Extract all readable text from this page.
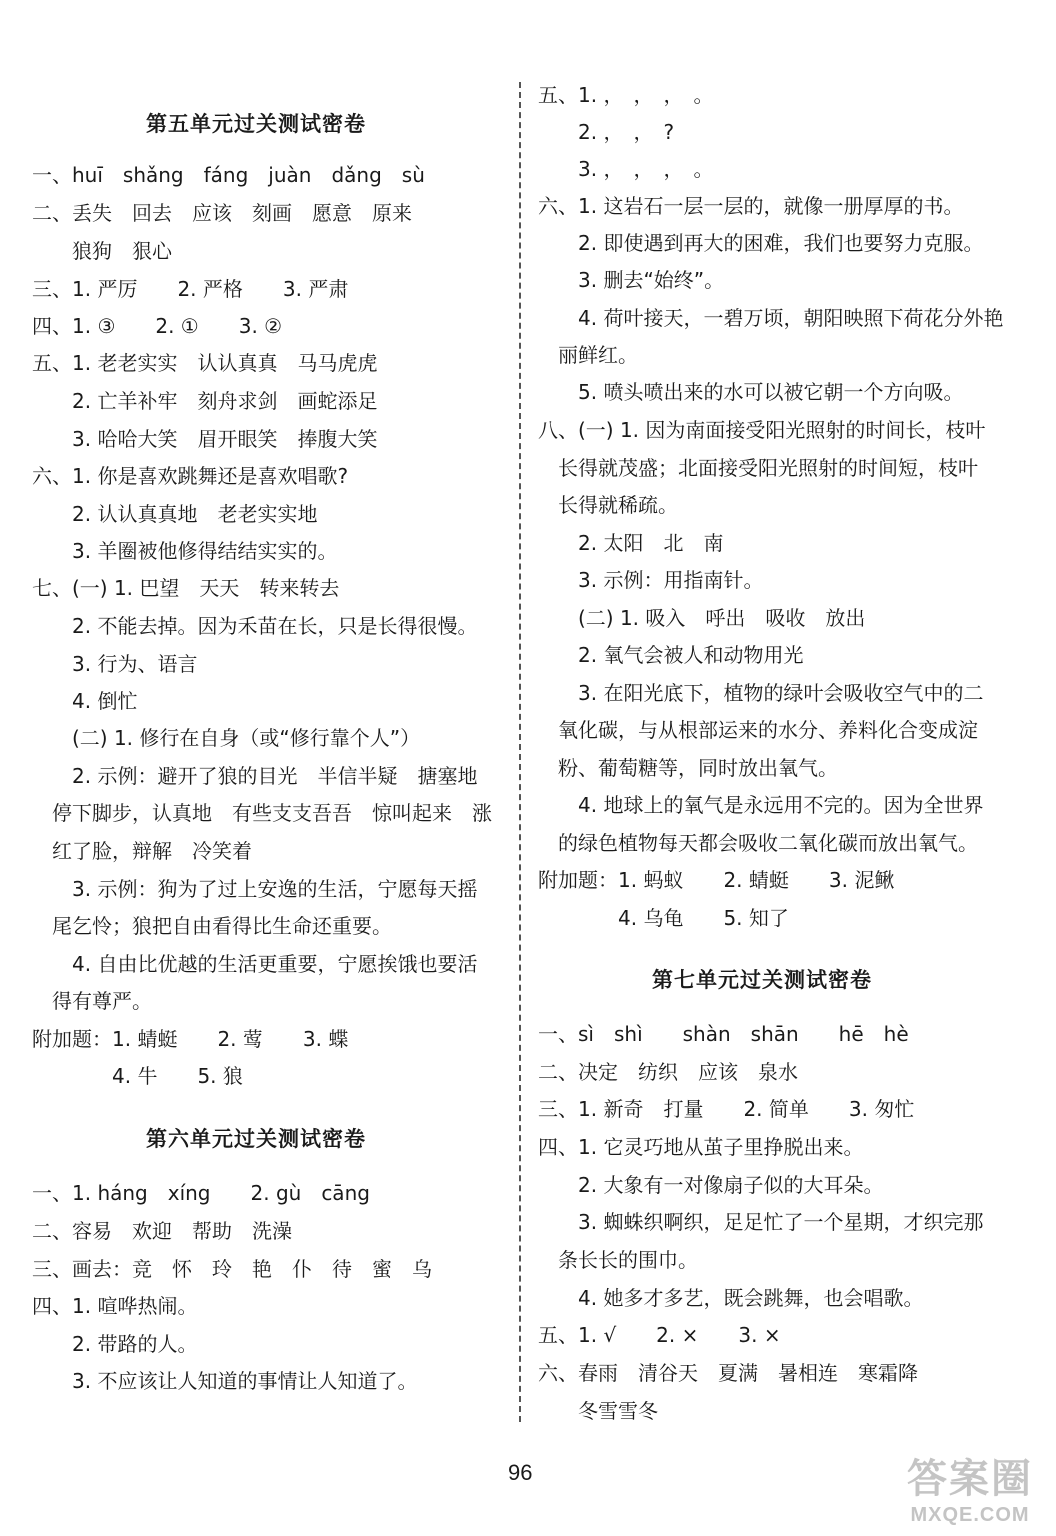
第五单元过关测试密卷
一、huī　shǎng　fáng　juàn　dǎng　sù
二、丢失　回去　应该　刻画　愿意　原来
　　狼狗　狠心
三、1. 严厉　　2. 严格　　3. 严肃
四、1. ③　　2. ①　　3. ②
五、1. 老老实实　认认真真　马马虎虎
　　2. 亡羊补牢　刻舟求剑　画蛇添足
　　3. 哈哈大笑　眉开眼笑　捧腹大笑
六、1. 你是喜欢跳舞还是喜欢唱歌?
　　2. 认认真真地　老老实实地
　　3. 羊圈被他修得结结实实的。
七、(一) 1. 巴望　天天　转来转去
　　2. 不能去掉。因为禾苗在长，只是长得很慢。
　　3. 行为、语言
　　4. 倒忙
　　(二) 1. 修行在自身（或“修行靠个人”）
　　2. 示例：避开了狼的目光　半信半疑　搪塞地
　停下脚步，认真地　有些支支吾吾　惊叫起来　涨
　红了脸，辩解　冷笑着
　　3. 示例：狗为了过上安逸的生活，宁愿每天摇
　尾乞怜；狼把自由看得比生命还重要。
　　4. 自由比优越的生活更重要，宁愿挨饿也要活
　得有尊严。
附加题：1. 蜻蜓　　2. 莺　　3. 蝶
　　　　4. 牛　　5. 狼
第六单元过关测试密卷
一、1. háng　xíng　　2. gù　cāng
二、容易　欢迎　帮助　洗澡
三、画去：竞　怀　玲　艳　仆　待　蜜　乌
四、1. 喧哗热闹。
　　2. 带路的人。
　　3. 不应该让人知道的事情让人知道了。
五、1. ，　，　，　。
　　2. ，　，　?
　　3. ，　，　，　。
六、1. 这岩石一层一层的，就像一册厚厚的书。
　　2. 即使遇到再大的困难，我们也要努力克服。
　　3. 删去“始终”。
　　4. 荷叶接天，一碧万顷，朝阳映照下荷花分外艳
　丽鲜红。
　　5. 喷头喷出来的水可以被它朝一个方向吸。
八、(一) 1. 因为南面接受阳光照射的时间长，枝叶
　长得就茂盛；北面接受阳光照射的时间短，枝叶
　长得就稀疏。
　　2. 太阳　北　南
　　3. 示例：用指南针。
　　(二) 1. 吸入　呼出　吸收　放出
　　2. 氧气会被人和动物用光
　　3. 在阳光底下，植物的绿叶会吸收空气中的二
　氧化碳，与从根部运来的水分、养料化合变成淀
　粉、葡萄糖等，同时放出氧气。
　　4. 地球上的氧气是永远用不完的。因为全世界
　的绿色植物每天都会吸收二氧化碳而放出氧气。
附加题：1. 蚂蚁　　2. 蜻蜓　　3. 泥鳅
　　　　4. 乌龟　　5. 知了
第七单元过关测试密卷
一、sì　shì　　shàn　shān　　hē　hè
二、决定　纺织　应该　泉水
三、1. 新奇　打量　　2. 简单　　3. 匆忙
四、1. 它灵巧地从茧子里挣脱出来。
　　2. 大象有一对像扇子似的大耳朵。
　　3. 蜘蛛织啊织，足足忙了一个星期，才织完那
　条长长的围巾。
　　4. 她多才多艺，既会跳舞，也会唱歌。
五、1. √　　2. ×　　3. ×
六、春雨　清谷天　夏满　暑相连　寒霜降
　　冬雪雪冬
96	答案圈
MXQE.COM
